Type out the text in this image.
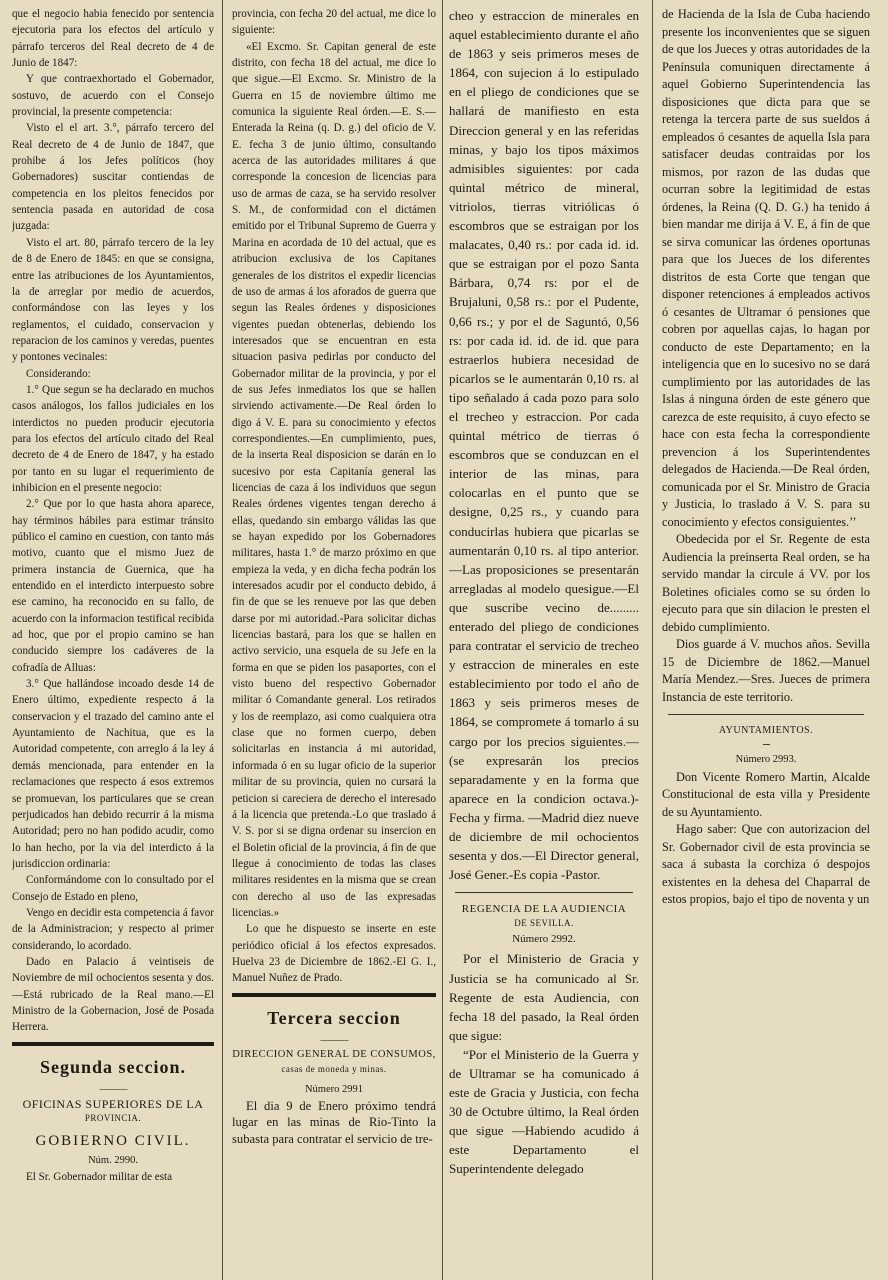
que el negocio habia fenecido por sentencia ejecutoria para los efectos del artículo y párrafo terceros del Real decreto de 4 de Junio de 1847:

Y que contraexhortado el Gobernador, sostuvo, de acuerdo con el Consejo provincial, la presente competencia:

Visto el el art. 3.°, párrafo tercero del Real decreto de 4 de Junio de 1847, que prohibe á los Jefes políticos (hoy Gobernadores) suscitar contiendas de competencia en los pleitos fenecidos por sentencia pasada en autoridad de cosa juzgada:

Visto el art. 80, párrafo tercero de la ley de 8 de Enero de 1845: en que se consigna, entre las atribuciones de los Ayuntamientos, la de arreglar por medio de acuerdos, conformándose con las leyes y los reglamentos, el cuidado, conservacion y reparacion de los caminos y veredas, puentes y pontones vecinales:

Considerando:

1.° Que segun se ha declarado en muchos casos análogos, los fallos judiciales en los interdictos no pueden producir ejecutoria para los efectos del artículo citado del Real decreto de 4 de Enero de 1847, y ha estado por tanto en su lugar el requerimiento de inhibicion en el presente negocio:

2.° Que por lo que hasta ahora aparece, hay términos hábiles para estimar tránsito público el camino en cuestion, con tanto más motivo, cuanto que el mismo Juez de primera instancia de Guernica, que ha entendido en el interdicto interpuesto sobre ese camino, ha reconocido en su fallo, de acuerdo con la informacion testifical recibida ad hoc, que por el propio camino se han conducido siempre los cadáveres de la cofradía de Alluas:

3.° Que hallándose incoado desde 14 de Enero último, expediente respecto á la conservacion y el trazado del camino ante el Ayuntamiento de Nachitua, que es la Autoridad competente, con arreglo á la ley á demás mencionada, para entender en la reclamaciones que respecto á esos extremos se promuevan, los particulares que se crean perjudicados han debido recurrir á la misma Autoridad; pero no han podido acudir, como lo han hecho, por la via del interdicto á la jurisdiccion ordinaria:

Conformándome con lo consultado por el Consejo de Estado en pleno,

Vengo en decidir esta competencia á favor de la Administracion; y respecto al primer considerando, lo acordado.

Dado en Palacio á veintiseis de Noviembre de mil ochocientos sesenta y dos.—Está rubricado de la Real mano.—El Ministro de la Gobernacion, José de Posada Herrera.

Segunda seccion.
———
OFICINAS SUPERIORES DE LA
PROVINCIA.
GOBIERNO CIVIL.
Núm. 2990.

El Sr. Gobernador militar de esta

provincia, con fecha 20 del actual, me dice lo siguiente:

«El Excmo. Sr. Capitan general de este distrito, con fecha 18 del actual, me dice lo que sigue.—El Excmo. Sr. Ministro de la Guerra en 15 de noviembre último me comunica la siguiente Real órden.—E. S.—Enterada la Reina (q. D. g.) del oficio de V. E. fecha 3 de junio último, consultando acerca de las autoridades militares á que corresponde la concesion de licencias para uso de armas de caza, se ha servido resolver S. M., de conformidad con el dictámen emitido por el Tribunal Supremo de Guerra y Marina en acordada de 10 del actual, que es atribucion exclusiva de los Capitanes generales de los distritos el expedir licencias de uso de armas á los aforados de guerra que segun las Reales órdenes y disposiciones vigentes puedan obtenerlas, debiendo los interesados que se encuentran en esta situacion pasiva pedirlas por conducto del Gobernador militar de la provincia, y por el de sus Jefes inmediatos los que se hallen sirviendo activamente.—De Real órden lo digo á V. E. para su conocimiento y efectos correspondientes.—En cumplimiento, pues, de la inserta Real disposicion se darán en lo sucesivo por esta Capitanía general las licencias de caza á los individuos que segun Reales órdenes vigentes tengan derecho á ellas, quedando sin embargo válidas las que se hayan expedido por los Gobernadores militares, hasta 1.° de marzo próximo en que empieza la veda, y en dicha fecha podrán los interesados acudir por el conducto debido, á fin de que se les renueve por las que deben darse por mi autoridad.-Para solicitar dichas licencias bastará, para los que se hallen en activo servicio, una esquela de su Jefe en la forma en que se piden los pasaportes, con el visto bueno del respectivo Gobernador militar ó Comandante general. Los retirados y los de reemplazo, asi como cualquiera otra clase que no formen cuerpo, deben solicitarlas en instancia á mi autoridad, informada ó en su lugar oficio de la superior militar de su provincia, quien no cursará la peticion si careciera de derecho el interesado á la licencia que pretenda.-Lo que traslado á V. S. por si se digna ordenar su insercion en el Boletin oficial de la provincia, á fin de que llegue á conocimiento de todas las clases militares residentes en la misma que se crean con derecho al uso de las expresadas licencias.»

Lo que he dispuesto se inserte en este periódico oficial á los efectos expresados. Huelva 23 de Diciembre de 1862.-El G. I., Manuel Nuñez de Prado.

Tercera seccion
———
DIRECCION GENERAL DE CONSUMOS,
casas de moneda y minas.
Número 2991

El dia 9 de Enero próximo tendrá lugar en las minas de Rio-Tinto la subasta para contratar el servicio de tre-

cheo y estraccion de minerales en aquel establecimiento durante el año de 1863 y seis primeros meses de 1864, con sujecion á lo estipulado en el pliego de condiciones que se hallará de manifiesto en esta Direccion general y en las referidas minas, y bajo los tipos máximos admisibles siguientes: por cada quintal métrico de mineral, vitriolos, tierras vitriólicas ó escombros que se estraigan por los malacates, 0,40 rs.: por cada id. id. que se estraigan por el pozo Santa Bárbara, 0,74 rs: por el de Brujaluni, 0,58 rs.: por el Pudente, 0,66 rs.; y por el de Saguntó, 0,56 rs: por cada id. id. de id. que para estraerlos hubiera necesidad de picarlos se le aumentarán 0,10 rs. al tipo señalado á cada pozo para solo el trecheo y estraccion. Por cada quintal métrico de tierras ó escombros que se conduzcan en el interior de las minas, para colocarlas en el punto que se designe, 0,25 rs., y cuando para conducirlas hubiera que picarlas se aumentarán 0,10 rs. al tipo anterior.—Las proposiciones se presentarán arregladas al modelo quesigue.—El que suscribe vecino de......... enterado del pliego de condiciones para contratar el servicio de trecheo y estraccion de minerales en este establecimiento por todo el año de 1863 y seis primeros meses de 1864, se compromete á tomarlo á su cargo por los precios siguientes.—(se expresarán los precios separadamente y en la forma que aparece en la condicion octava.)-Fecha y firma. —Madrid diez nueve de diciembre de mil ochocientos sesenta y dos.—El Director general, José Gener.-Es copia -Pastor.

REGENCIA DE LA AUDIENCIA
DE SEVILLA.
Número 2992.

Por el Ministerio de Gracia y Justicia se ha comunicado al Sr. Regente de esta Audiencia, con fecha 18 del pasado, la Real órden que sigue:

“Por el Ministerio de la Guerra y de Ultramar se ha comunicado á este de Gracia y Justicia, con fecha 30 de Octubre último, la Real órden que sigue —Habiendo acudido á este Departamento el Superintendente delegado

de Hacienda de la Isla de Cuba haciendo presente los inconvenientes que se siguen de que los Jueces y otras autoridades de la Península comuniquen directamente á aquel Gobierno Superintendencia las disposiciones que dicta para que se retenga la tercera parte de sus sueldos á empleados ó cesantes de aquella Isla para satisfacer deudas contraidas por los mismos, por razon de las dudas que ocurran sobre la legitimidad de estas órdenes, la Reina (Q. D. G.) ha tenido á bien mandar me dirija á V. E, á fin de que se sirva comunicar las órdenes oportunas para que los Jueces de los diferentes distritos de esta Corte que tengan que disponer retenciones á empleados activos ó cesantes de Ultramar ó pensiones que cobren por aquellas cajas, lo hagan por conducto de este Departamento; en la inteligencia que en lo sucesivo no se dará cumplimiento por las autoridades de las Islas á ninguna órden de este género que carezca de este requisito, á cuyo efecto se hace con esta fecha la correspondiente prevencion á los Superintendentes delegados de Hacienda.—De Real órden, comunicada por el Sr. Ministro de Gracia y Justicia, lo traslado á V. S. para su conocimiento y efectos consiguientes.’’

Obedecida por el Sr. Regente de esta Audiencia la preinserta Real orden, se ha servido mandar la circule á VV. por los Boletines oficiales como se su órden lo ejecuto para que sin dilacion le presten el debido cumplimiento.

Dios guarde á V. muchos años. Sevilla 15 de Diciembre de 1862.—Manuel María Mendez.—Sres. Jueces de primera Instancia de este territorio.

AYUNTAMIENTOS.
---
Número 2993.

Don Vicente Romero Martin, Alcalde Constitucional de esta villa y Presidente de su Ayuntamiento.

Hago saber: Que con autorizacion del Sr. Gobernador civil de esta provincia se saca á subasta la corchiza ó despojos existentes en la dehesa del Chaparral de estos propios, bajo el tipo de noventa y un
